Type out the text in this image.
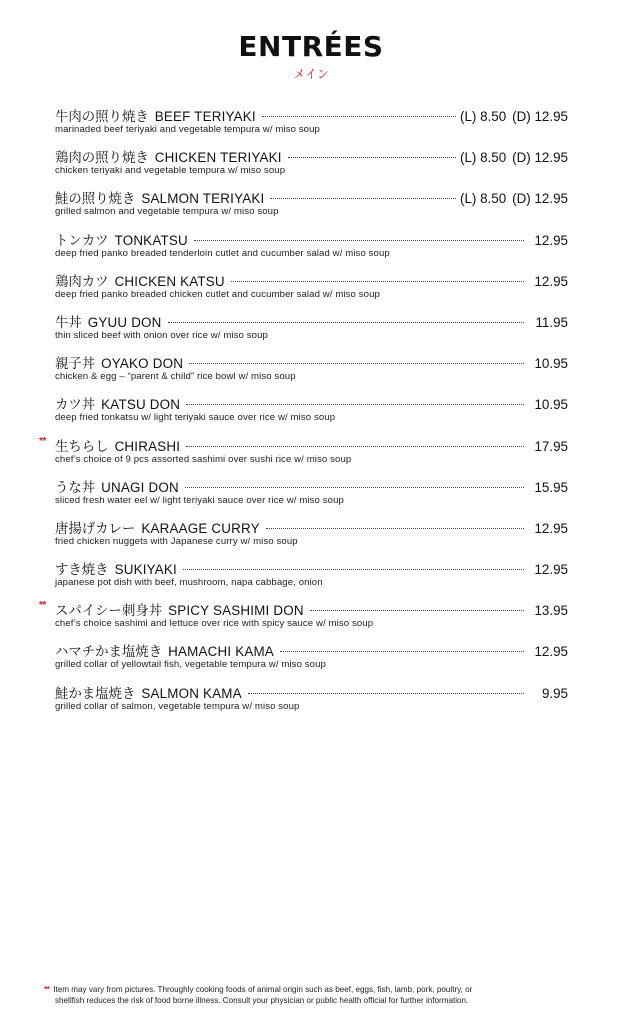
ENTRÉES
メイン
牛肉の照り焼き BEEF TERIYAKI	(L) 8.50 (D) 12.95
marinaded beef teriyaki and vegetable tempura w/ miso soup
鶏肉の照り焼き CHICKEN TERIYAKI	(L) 8.50 (D) 12.95
chicken teriyaki and vegetable tempura w/ miso soup
鮭の照り焼き SALMON TERIYAKI	(L) 8.50 (D) 12.95
grilled salmon and vegetable tempura w/ miso soup
トンカツ TONKATSU	12.95
deep fried panko breaded tenderloin cutlet and cucumber salad w/ miso soup
鶏肉カツ CHICKEN KATSU	12.95
deep fried panko breaded chicken cutlet and cucumber salad w/ miso soup
牛丼 GYUU DON	11.95
thin sliced beef with onion over rice w/ miso soup
親子丼 OYAKO DON	10.95
chicken & egg – “parent & child” rice bowl w/ miso soup
カツ丼 KATSU DON	10.95
deep fried tonkatsu w/ light teriyaki sauce over rice w/ miso soup
** 生ちらし CHIRASHI	17.95
chef’s choice of 9 pcs assorted sashimi over sushi rice w/ miso soup
うな丼 UNAGI DON	15.95
sliced fresh water eel w/ light teriyaki sauce over rice w/ miso soup
唐揚げカレー KARAAGE CURRY	12.95
fried chicken nuggets with Japanese curry w/ miso soup
すき焼き SUKIYAKI	12.95
japanese pot dish with beef, mushroom, napa cabbage, onion
** スパイシー刺身丼 SPICY SASHIMI DON	13.95
chef’s choice sashimi and lettuce over rice with spicy sauce w/ miso soup
ハマチかま塩焼き HAMACHI KAMA	12.95
grilled collar of yellowtail fish, vegetable tempura w/ miso soup
鮭かま塩焼き SALMON KAMA	9.95
grilled collar of salmon, vegetable tempura w/ miso soup
** Item may vary from pictures. Throughly cooking foods of animal origin such as beef, eggs, fish, lamb, pork, poultry, or
shellfish reduces the risk of food borne illness. Consult your physician or public health official for further information.
